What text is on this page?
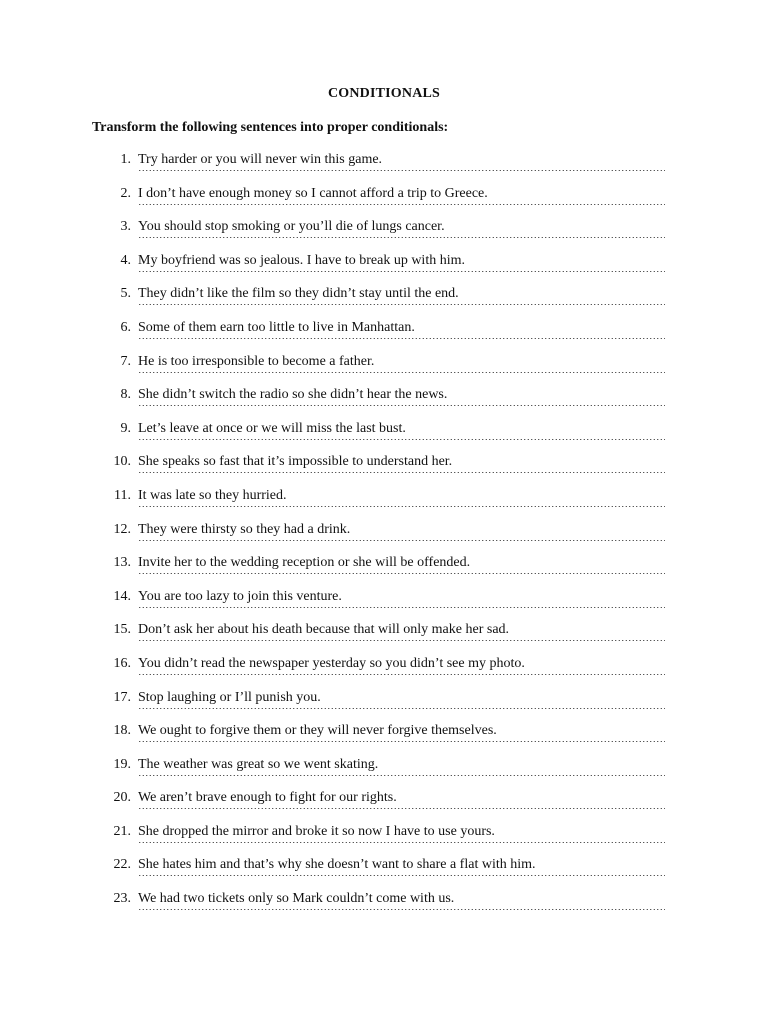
CONDITIONALS
Transform the following sentences into proper conditionals:
1. Try harder or you will never win this game.
2. I don’t have enough money so I cannot afford a trip to Greece.
3. You should stop smoking or you’ll die of lungs cancer.
4. My boyfriend was so jealous. I have to break up with him.
5. They didn’t like the film so they didn’t stay until the end.
6. Some of them earn too little to live in Manhattan.
7. He is too irresponsible to become a father.
8. She didn’t switch the radio so she didn’t hear the news.
9. Let’s leave at once or we will miss the last bust.
10. She speaks so fast that it’s impossible to understand her.
11. It was late so they hurried.
12. They were thirsty so they had a drink.
13. Invite her to the wedding reception or she will be offended.
14. You are too lazy to join this venture.
15. Don’t ask her about his death because that will only make her sad.
16. You didn’t read the newspaper yesterday so you didn’t see my photo.
17. Stop laughing or I’ll punish you.
18. We ought to forgive them or they will never forgive themselves.
19. The weather was great so we went skating.
20. We aren’t brave enough to fight for our rights.
21. She dropped the mirror and broke it so now I have to use yours.
22. She hates him and that’s why she doesn’t want to share a flat with him.
23. We had two tickets only so Mark couldn’t come with us.
